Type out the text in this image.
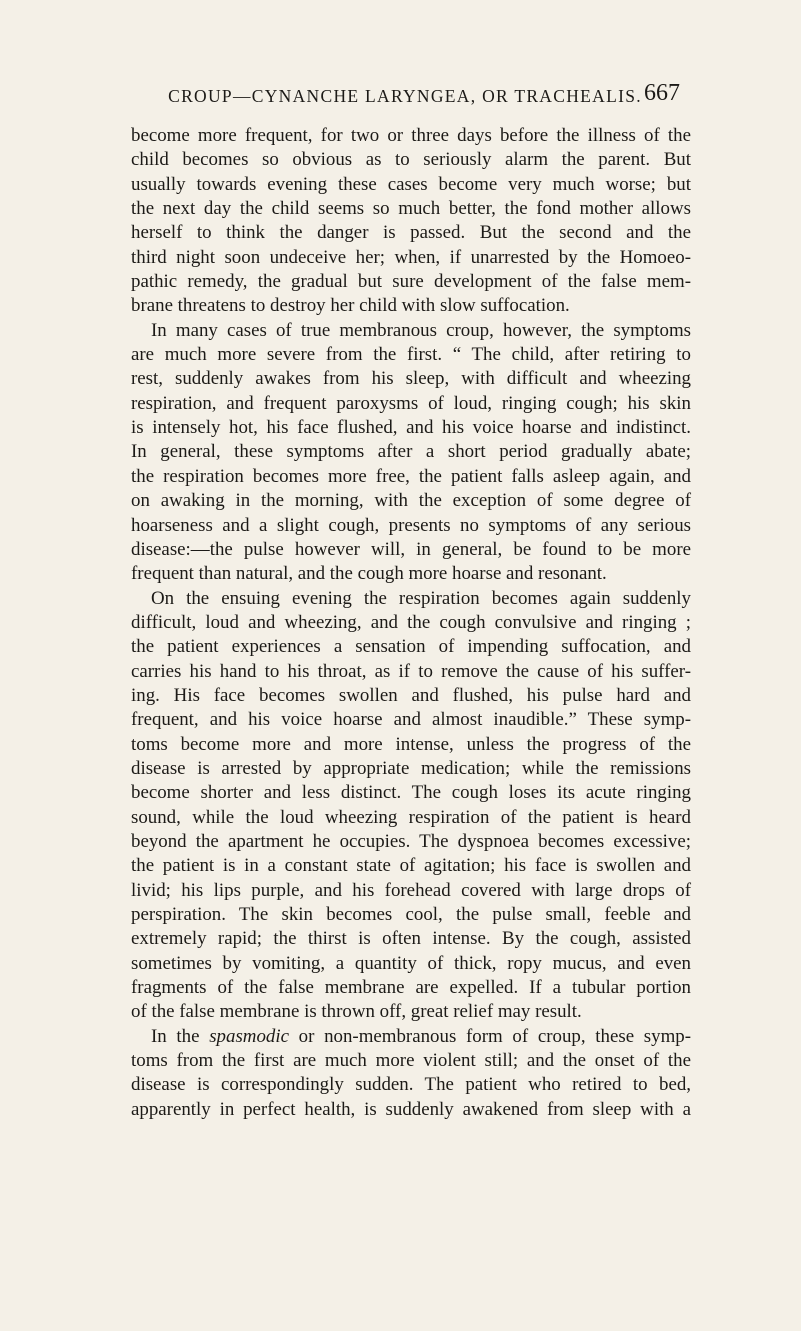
CROUP—CYNANCHE LARYNGEA, OR TRACHEALIS. 667
become more frequent, for two or three days before the illness of the
child becomes so obvious as to seriously alarm the parent. But
usually towards evening these cases become very much worse; but
the next day the child seems so much better, the fond mother allows
herself to think the danger is passed. But the second and the
third night soon undeceive her; when, if unarrested by the Homoeo-
pathic remedy, the gradual but sure development of the false mem-
brane threatens to destroy her child with slow suffocation.
In many cases of true membranous croup, however, the symptoms
are much more severe from the first. “ The child, after retiring to
rest, suddenly awakes from his sleep, with difficult and wheezing
respiration, and frequent paroxysms of loud, ringing cough; his skin
is intensely hot, his face flushed, and his voice hoarse and indistinct.
In general, these symptoms after a short period gradually abate;
the respiration becomes more free, the patient falls asleep again, and
on awaking in the morning, with the exception of some degree of
hoarseness and a slight cough, presents no symptoms of any serious
disease:—the pulse however will, in general, be found to be more
frequent than natural, and the cough more hoarse and resonant.
On the ensuing evening the respiration becomes again suddenly
difficult, loud and wheezing, and the cough convulsive and ringing ;
the patient experiences a sensation of impending suffocation, and
carries his hand to his throat, as if to remove the cause of his suffer-
ing. His face becomes swollen and flushed, his pulse hard and
frequent, and his voice hoarse and almost inaudible.” These symp-
toms become more and more intense, unless the progress of the
disease is arrested by appropriate medication; while the remissions
become shorter and less distinct. The cough loses its acute ringing
sound, while the loud wheezing respiration of the patient is heard
beyond the apartment he occupies. The dyspnoea becomes excessive;
the patient is in a constant state of agitation; his face is swollen and
livid; his lips purple, and his forehead covered with large drops of
perspiration. The skin becomes cool, the pulse small, feeble and
extremely rapid; the thirst is often intense. By the cough, assisted
sometimes by vomiting, a quantity of thick, ropy mucus, and even
fragments of the false membrane are expelled. If a tubular portion
of the false membrane is thrown off, great relief may result.
In the spasmodic or non-membranous form of croup, these symp-
toms from the first are much more violent still; and the onset of the
disease is correspondingly sudden. The patient who retired to bed,
apparently in perfect health, is suddenly awakened from sleep with a
